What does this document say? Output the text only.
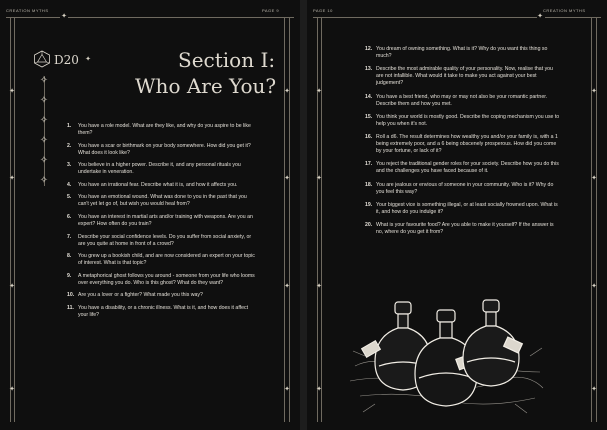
CREATION MYTHS	PAGE 9
✦
✦
✦
✦
✦
✦
✦
✦
✦
D20 ✦
✧
✧
✧
✧
✧
✧
Section I:
Who Are You?
1.	You have a role model. What are they like, and why do you aspire to be like them?
2.	You have a scar or birthmark on your body somewhere. How did you get it? What does it look like?
3.	You believe in a higher power. Describe it, and any personal rituals you undertake in veneration.
4.	You have an irrational fear. Describe what it is, and how it affects you.
5.	You have an emotional wound. What was done to you in the past that you can't yet let go of, but wish you would heal from?
6.	You have an interest in martial arts and/or training with weapons. Are you an expert? How often do you train?
7.	Describe your social confidence levels. Do you suffer from social anxiety, or are you quite at home in front of a crowd?
8.	You grew up a bookish child, and are now considered an expert on your topic of interest. What is that topic?
9.	A metaphorical ghost follows you around - someone from your life who looms over everything you do. Who is this ghost? What do they want?
10. Are you a lover or a fighter? What made you this way?
11. You have a disability, or a chronic illness. What is it, and how does it affect your life?
PAGE 10	CREATION MYTHS
✦
✦
✦
✦
✦
✦
✦
✦
✦
12. You dream of owning something. What is it? Why do you want this thing so much?
13. Describe the most admirable quality of your personality. Now, realise that you are not infallible. What would it take to make you act against your best judgement?
14. You have a best friend, who may or may not also be your romantic partner. Describe them and how you met.
15. You think your world is mostly good. Describe the coping mechanism you use to help you when it's not.
16. Roll a d6. The result determines how wealthy you and/or your family is, with a 1 being extremely poor, and a 6 being obscenely prosperous. How did you come by your fortune, or lack of it?
17. You reject the traditional gender roles for your society. Describe how you do this and the challenges you have faced because of it.
18. You are jealous or envious of someone in your community. Who is it? Why do you feel this way?
19. Your biggest vice is something illegal, or at least socially frowned upon. What is it, and how do you indulge it?
20. What is your favourite food? Are you able to make it yourself? If the answer is no, where do you get it from?
